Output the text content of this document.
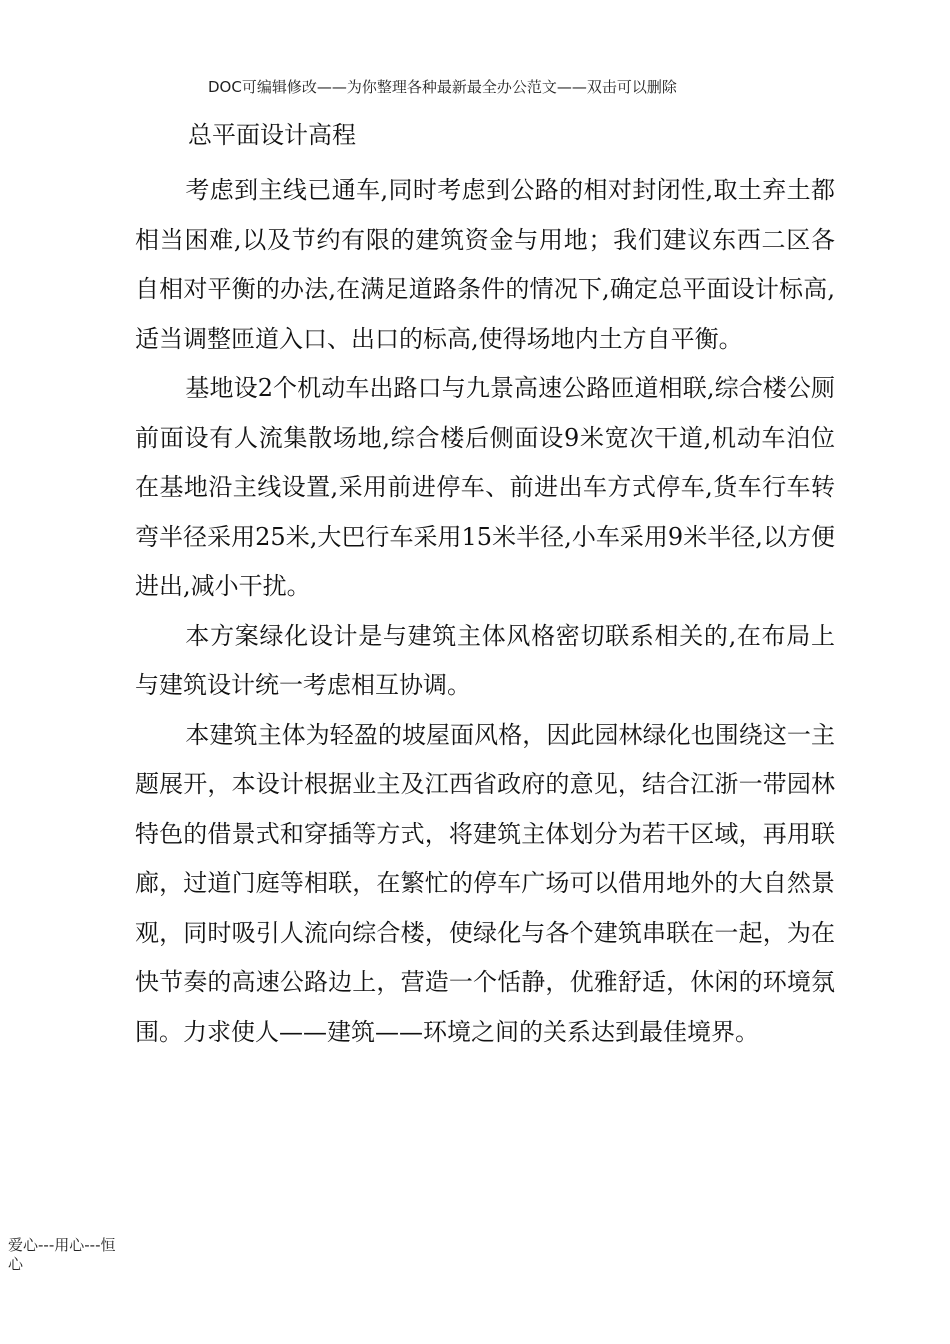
DOC可编辑修改——为你整理各种最新最全办公范文——双击可以删除
总平面设计高程

考虑到主线已通车,同时考虑到公路的相对封闭性,取土弃土都相当困难,以及节约有限的建筑资金与用地；我们建议东西二区各自相对平衡的办法,在满足道路条件的情况下,确定总平面设计标高,适当调整匝道入口、出口的标高,使得场地内土方自平衡。

基地设2个机动车出路口与九景高速公路匝道相联,综合楼公厕前面设有人流集散场地,综合楼后侧面设9米宽次干道,机动车泊位在基地沿主线设置,采用前进停车、前进出车方式停车,货车行车转弯半径采用25米,大巴行车采用15米半径,小车采用9米半径,以方便进出,减小干扰。

本方案绿化设计是与建筑主体风格密切联系相关的,在布局上与建筑设计统一考虑相互协调。

本建筑主体为轻盈的坡屋面风格，因此园林绿化也围绕这一主题展开，本设计根据业主及江西省政府的意见，结合江浙一带园林特色的借景式和穿插等方式，将建筑主体划分为若干区域，再用联廊，过道门庭等相联，在繁忙的停车广场可以借用地外的大自然景观，同时吸引人流向综合楼，使绿化与各个建筑串联在一起，为在快节奏的高速公路边上，营造一个恬静，优雅舒适，休闲的环境氛围。力求使人——建筑——环境之间的关系达到最佳境界。

爱心---用心---恒心
